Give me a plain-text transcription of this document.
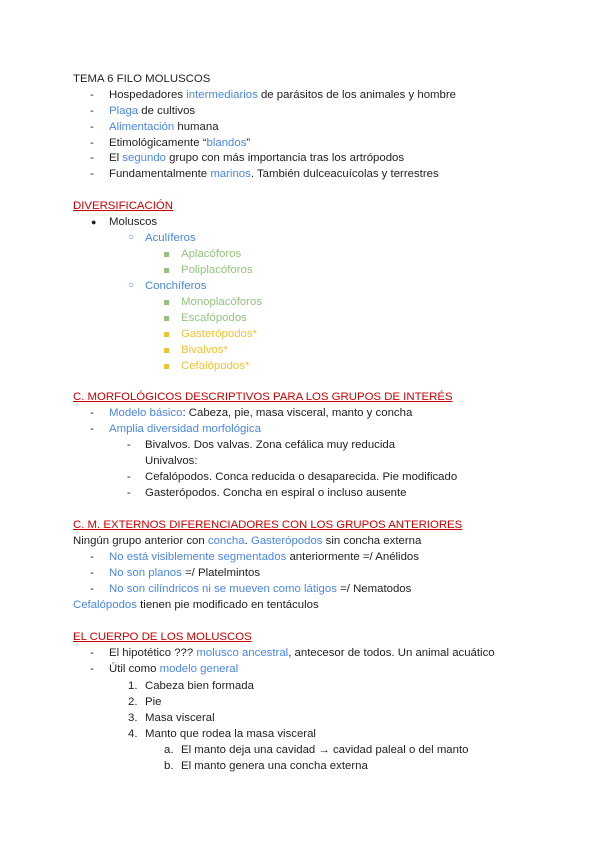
TEMA 6 FILO MOLUSCOS
- Hospedadores intermediarios de parásitos de los animales y hombre
- Plaga de cultivos
- Alimentación humana
- Etimológicamente “blandos”
- El segundo grupo con más importancia tras los artrópodos
- Fundamentalmente marinos. También dulceacuícolas y terrestres
DIVERSIFICACIÓN
● Moluscos
○ Aculíferos
Aplacóforos
Poliplacóforos
○ Conchíferos
Monoplacóforos
Escafópodos
Gasterópodos*
Bivalvos*
Cefalópodos*
C. MORFOLÓGICOS DESCRIPTIVOS PARA LOS GRUPOS DE INTERÉS
- Modelo básico: Cabeza, pie, masa visceral, manto y concha
- Amplia diversidad morfológica
- Bivalvos. Dos valvas. Zona cefálica muy reducida
Univalvos:
- Cefalópodos. Conca reducida o desaparecida. Pie modificado
- Gasterópodos. Concha en espiral o incluso ausente
C. M. EXTERNOS DIFERENCIADORES CON LOS GRUPOS ANTERIORES
Ningún grupo anterior con concha. Gasterópodos sin concha externa
- No está visiblemente segmentados anteriormente =/ Anélidos
- No son planos =/ Platelmintos
- No son cilíndricos ni se mueven como látigos =/ Nematodos
Cefalópodos tienen pie modificado en tentáculos
EL CUERPO DE LOS MOLUSCOS
- El hipotético ??? molusco ancestral, antecesor de todos. Un animal acuático
- Útil como modelo general
1. Cabeza bien formada
2. Pie
3. Masa visceral
4. Manto que rodea la masa visceral
a. El manto deja una cavidad → cavidad paleal o del manto
b. El manto genera una concha externa
